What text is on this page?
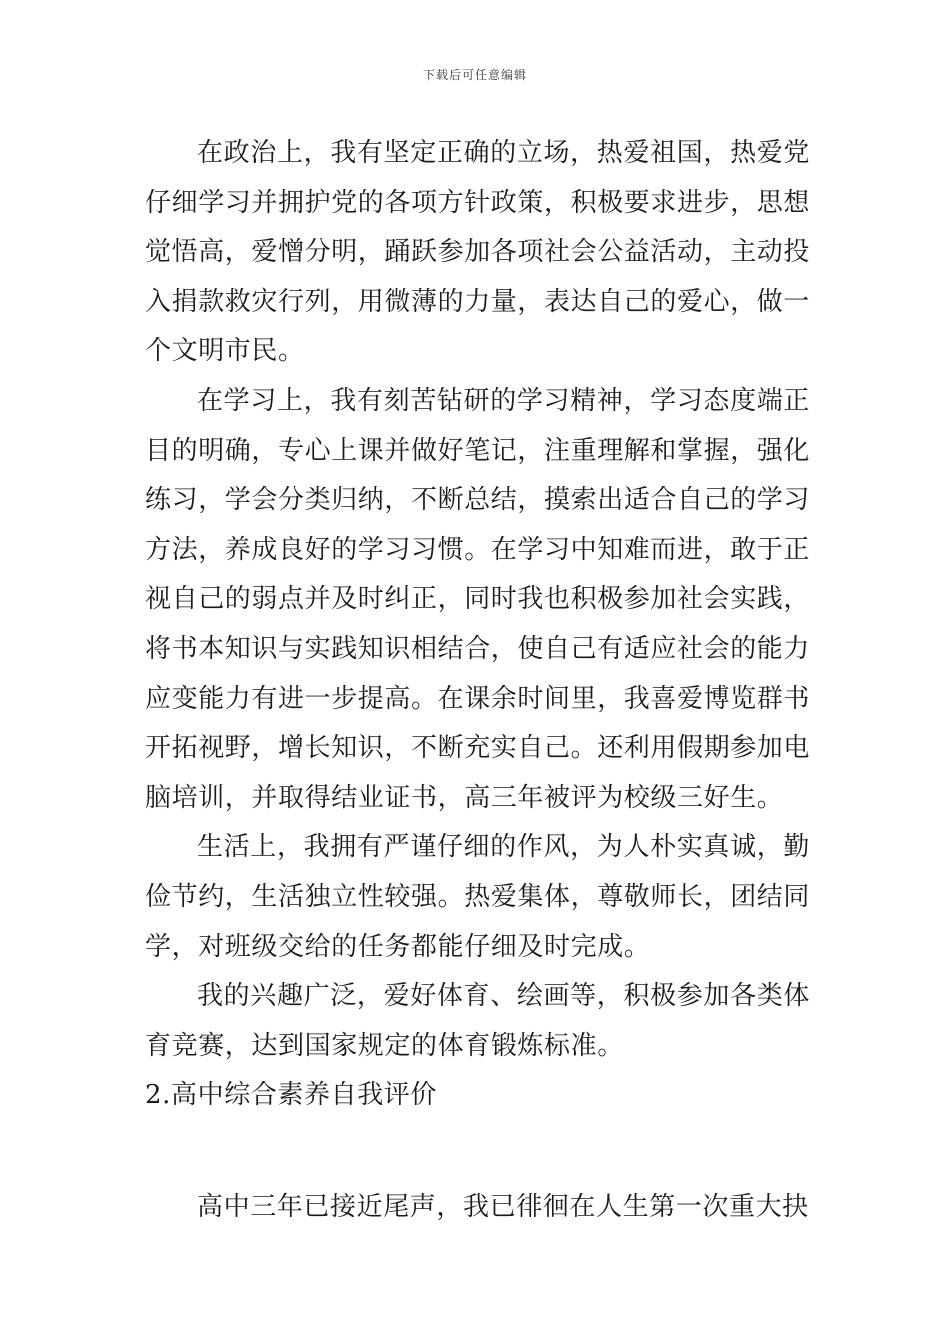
下载后可任意编辑

在政治上，我有坚定正确的立场，热爱祖国，热爱党仔细学习并拥护党的各项方针政策，积极要求进步，思想觉悟高，爱憎分明，踊跃参加各项社会公益活动，主动投入捐款救灾行列，用微薄的力量，表达自己的爱心，做一个文明市民。

在学习上，我有刻苦钻研的学习精神，学习态度端正目的明确，专心上课并做好笔记，注重理解和掌握，强化练习，学会分类归纳，不断总结，摸索出适合自己的学习方法，养成良好的学习习惯。在学习中知难而进，敢于正视自己的弱点并及时纠正，同时我也积极参加社会实践，将书本知识与实践知识相结合，使自己有适应社会的能力应变能力有进一步提高。在课余时间里，我喜爱博览群书开拓视野，增长知识，不断充实自己。还利用假期参加电脑培训，并取得结业证书，高三年被评为校级三好生。

生活上，我拥有严谨仔细的作风，为人朴实真诚，勤俭节约，生活独立性较强。热爱集体，尊敬师长，团结同学，对班级交给的任务都能仔细及时完成。

我的兴趣广泛，爱好体育、绘画等，积极参加各类体育竞赛，达到国家规定的体育锻炼标准。

2.高中综合素养自我评价

高中三年已接近尾声，我已徘徊在人生第一次重大抉
